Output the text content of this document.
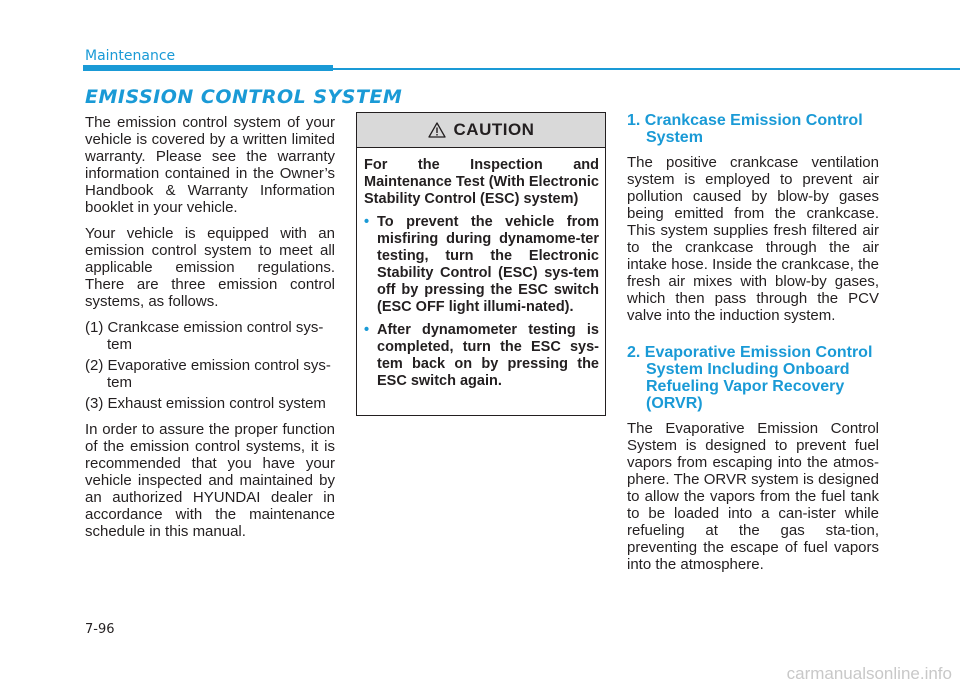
Maintenance
EMISSION CONTROL SYSTEM

The emission control system of your vehicle is covered by a written limited warranty. Please see the warranty information contained in the Owner’s Handbook & Warranty Information booklet in your vehicle.

Your vehicle is equipped with an emission control system to meet all applicable emission regulations. There are three emission control systems, as follows.

(1) Crankcase emission control sys-tem
(2) Evaporative emission control sys-tem
(3) Exhaust emission control system

In order to assure the proper function of the emission control systems, it is recommended that you have your vehicle inspected and maintained by an authorized HYUNDAI dealer in accordance with the maintenance schedule in this manual.

CAUTION

For the Inspection and Maintenance Test (With Electronic Stability Control (ESC) system)

• To prevent the vehicle from misfiring during dynamome-ter testing, turn the Electronic Stability Control (ESC) sys-tem off by pressing the ESC switch (ESC OFF light illumi-nated).
• After dynamometer testing is completed, turn the ESC sys-tem back on by pressing the ESC switch again.
1. Crankcase Emission Control System

The positive crankcase ventilation system is employed to prevent air pollution caused by blow-by gases being emitted from the crankcase. This system supplies fresh filtered air to the crankcase through the air intake hose. Inside the crankcase, the fresh air mixes with blow-by gases, which then pass through the PCV valve into the induction system.

2. Evaporative Emission Control System Including Onboard Refueling Vapor Recovery (ORVR)

The Evaporative Emission Control System is designed to prevent fuel vapors from escaping into the atmos-phere. The ORVR system is designed to allow the vapors from the fuel tank to be loaded into a can-ister while refueling at the gas sta-tion, preventing the escape of fuel vapors into the atmosphere.

7-96
carmanualsonline.info
